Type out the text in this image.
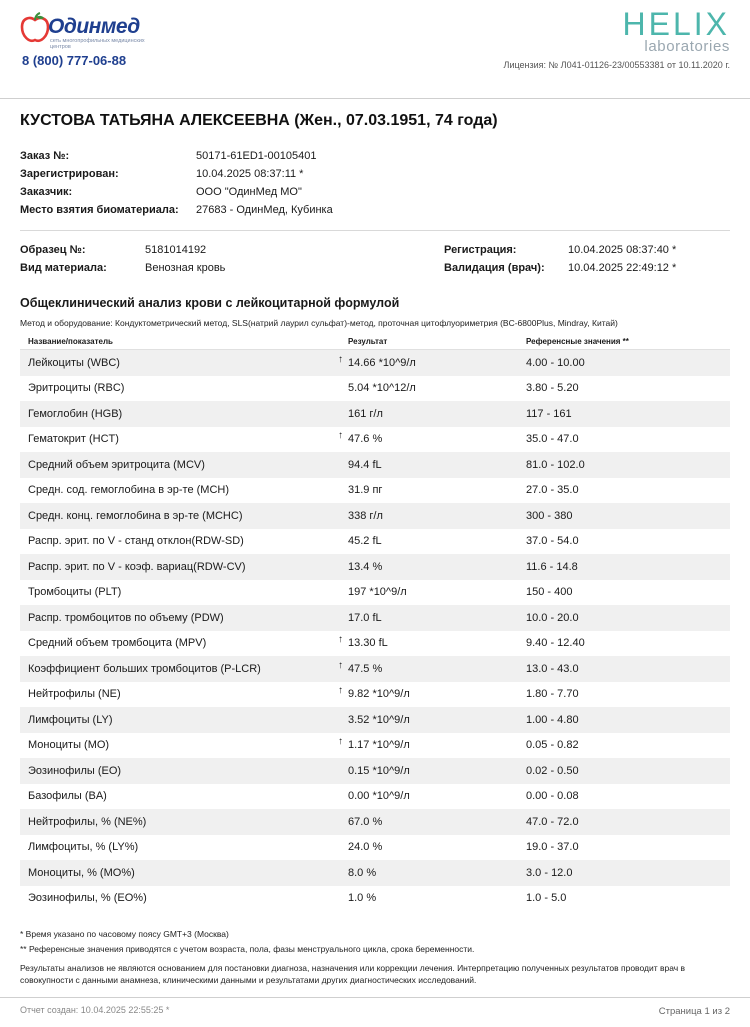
Одинмед
сеть многопрофильных медицинских центров
8 (800) 777-06-88
HELIX
laboratories
Лицензия: № Л041-01126-23/00553381 от 10.11.2020 г.
КУСТОВА ТАТЬЯНА АЛЕКСЕЕВНА (Жен., 07.03.1951, 74 года)
Заказ №:	50171-61ED1-00105401
Зарегистрирован:	10.04.2025 08:37:11 *
Заказчик:	ООО "ОдинМед МО"
Место взятия биоматериала:	27683 - ОдинМед, Кубинка
Образец №:	5181014192	Регистрация:	10.04.2025 08:37:40 *
Вид материала:	Венозная кровь	Валидация (врач):	10.04.2025 22:49:12 *
Общеклинический анализ крови с лейкоцитарной формулой
Метод и оборудование: Кондуктометрический метод, SLS(натрий лаурил сульфат)-метод, проточная цитофлуориметрия (BC-6800Plus, Mindray, Китай)
Название/показатель	Результат	Референсные значения **
Лейкоциты (WBC)	↑ 14.66 *10^9/л	4.00 - 10.00
Эритроциты (RBC)	5.04 *10^12/л	3.80 - 5.20
Гемоглобин (HGB)	161 г/л	117 - 161
Гематокрит (HCT)	↑ 47.6 %	35.0 - 47.0
Средний объем эритроцита (MCV)	94.4 fL	81.0 - 102.0
Средн. сод. гемоглобина в эр-те (MCH)	31.9 пг	27.0 - 35.0
Средн. конц. гемоглобина в эр-те (MCHC)	338 г/л	300 - 380
Распр. эрит. по V - станд отклон(RDW-SD)	45.2 fL	37.0 - 54.0
Распр. эрит. по V - коэф. вариац(RDW-CV)	13.4 %	11.6 - 14.8
Тромбоциты (PLT)	197 *10^9/л	150 - 400
Распр. тромбоцитов по объему (PDW)	17.0 fL	10.0 - 20.0
Средний объем тромбоцита (MPV)	↑ 13.30 fL	9.40 - 12.40
Коэффициент больших тромбоцитов (P-LCR)	↑ 47.5 %	13.0 - 43.0
Нейтрофилы (NE)	↑ 9.82 *10^9/л	1.80 - 7.70
Лимфоциты (LY)	3.52 *10^9/л	1.00 - 4.80
Моноциты (MO)	↑ 1.17 *10^9/л	0.05 - 0.82
Эозинофилы (EO)	0.15 *10^9/л	0.02 - 0.50
Базофилы (BA)	0.00 *10^9/л	0.00 - 0.08
Нейтрофилы, % (NE%)	67.0 %	47.0 - 72.0
Лимфоциты, % (LY%)	24.0 %	19.0 - 37.0
Моноциты, % (MO%)	8.0 %	3.0 - 12.0
Эозинофилы, % (EO%)	1.0 %	1.0 - 5.0
* Время указано по часовому поясу GMT+3 (Москва)
** Референсные значения приводятся с учетом возраста, пола, фазы менструального цикла, срока беременности.
Результаты анализов не являются основанием для постановки диагноза, назначения или коррекции лечения. Интерпретацию полученных результатов проводит врач в совокупности с данными анамнеза, клиническими данными и результатами других диагностических исследований.
Отчет создан: 10.04.2025 22:55:25 *	Страница 1 из 2
